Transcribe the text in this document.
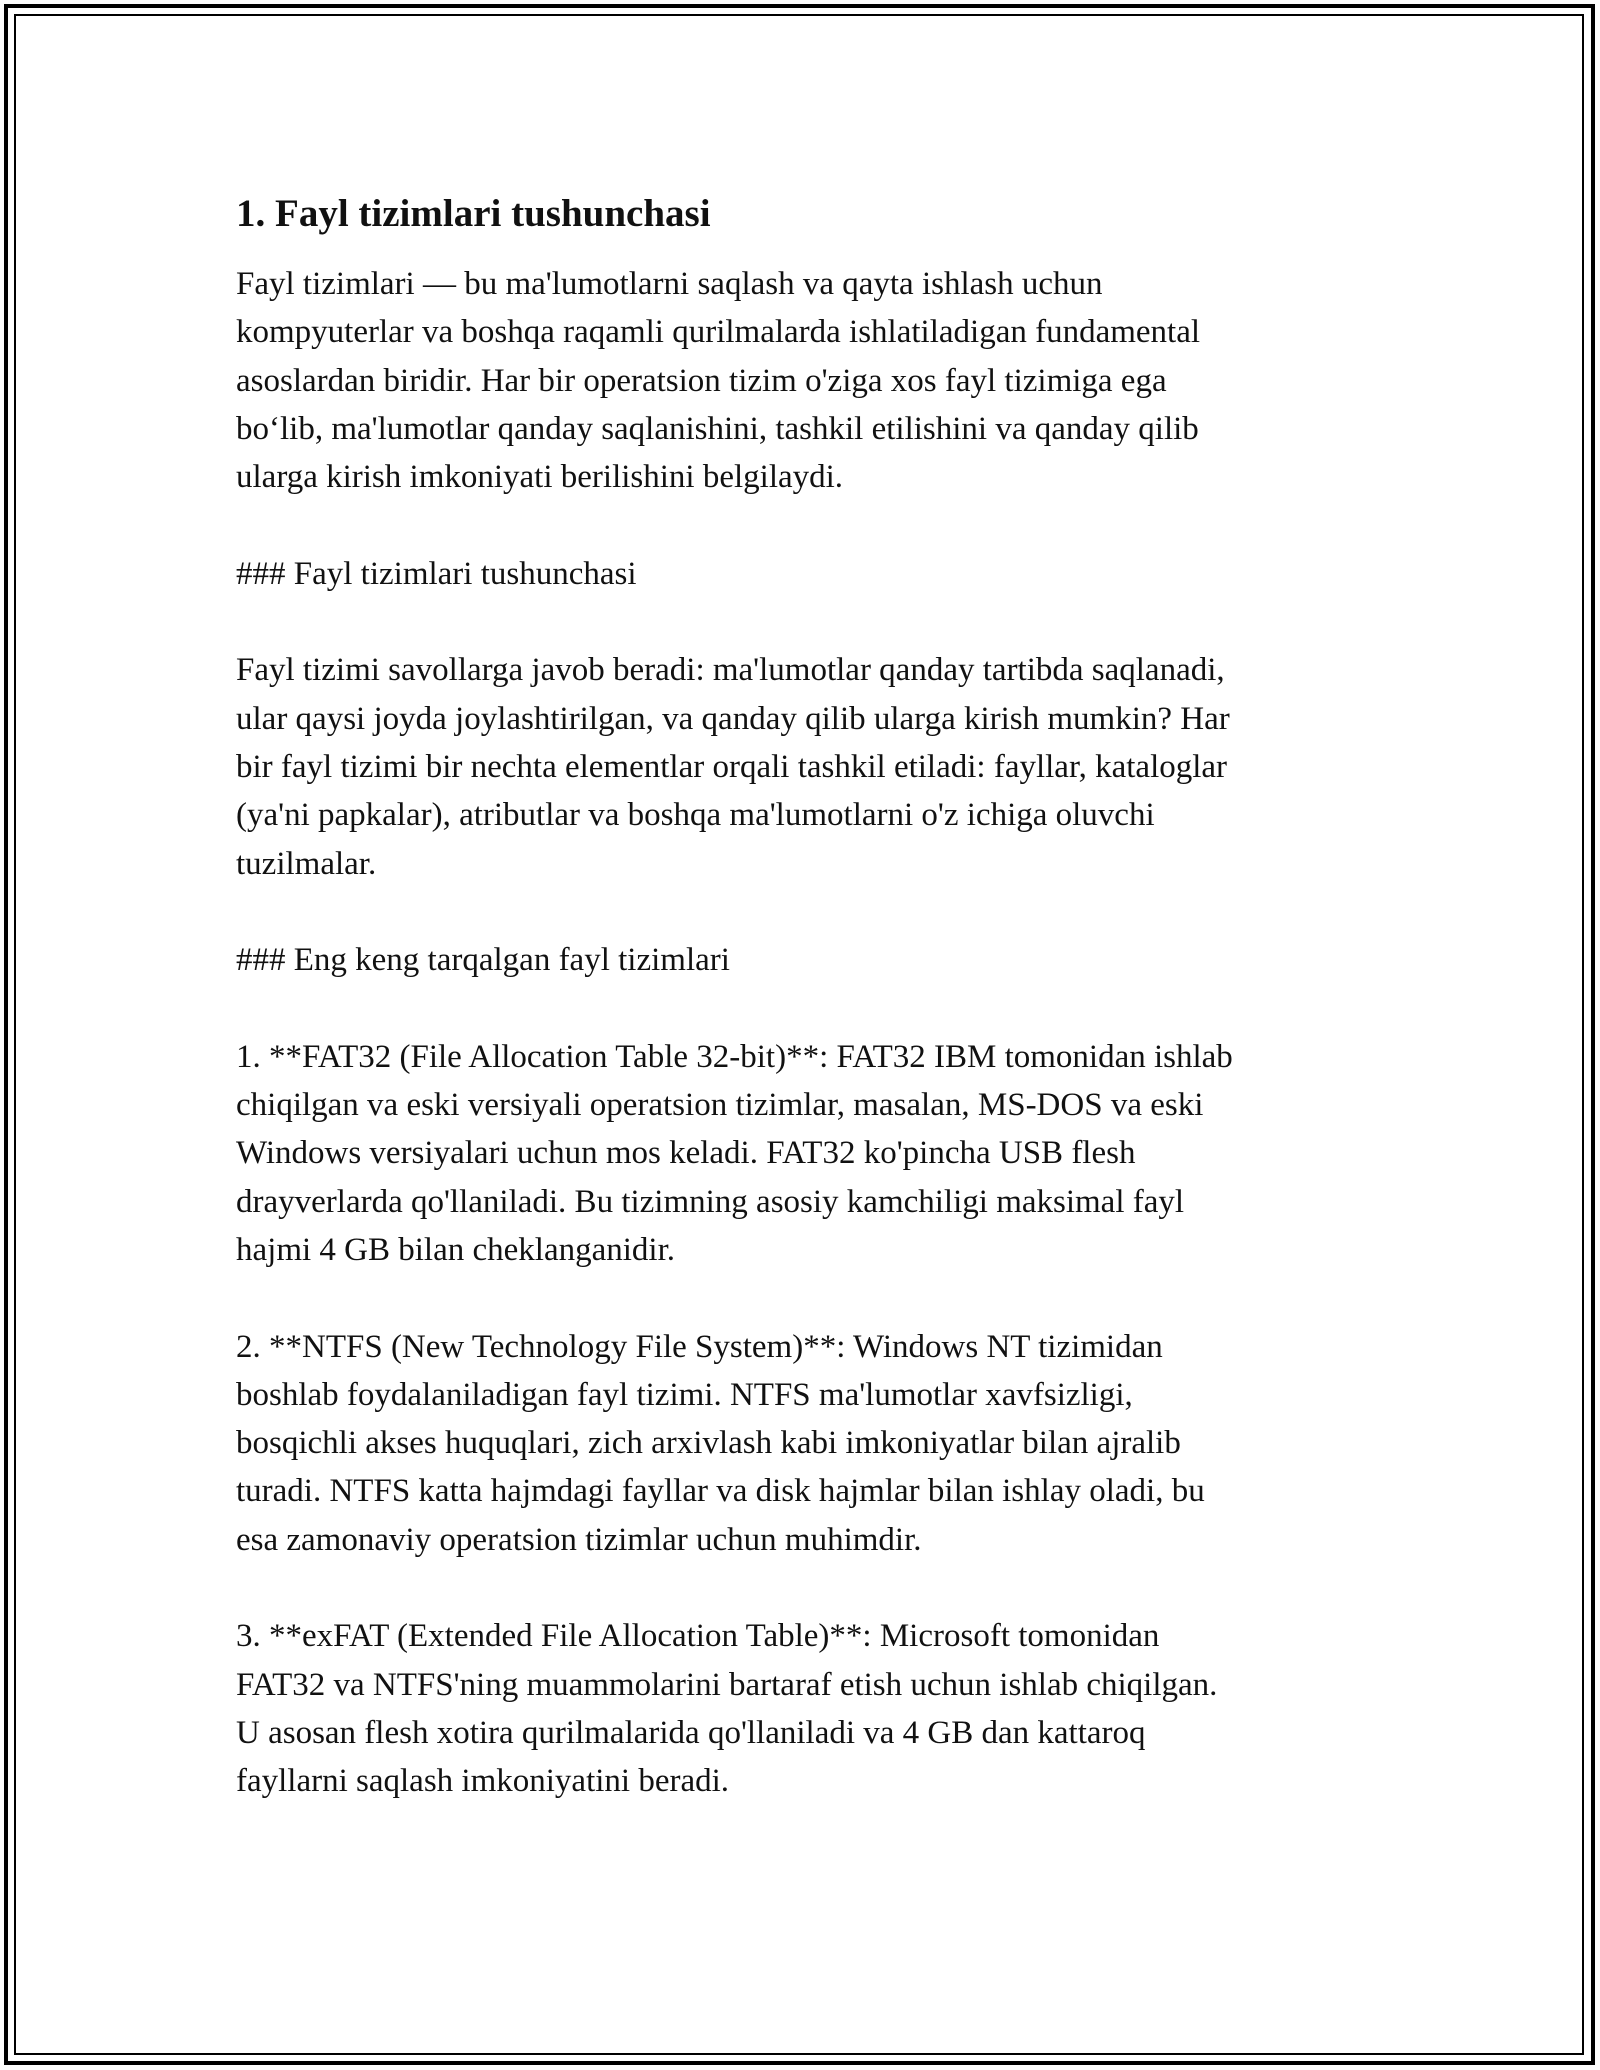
1. Fayl tizimlari tushunchasi

Fayl tizimlari — bu ma'lumotlarni saqlash va qayta ishlash uchun
kompyuterlar va boshqa raqamli qurilmalarda ishlatiladigan fundamental
asoslardan biridir. Har bir operatsion tizim o'ziga xos fayl tizimiga ega
bo‘lib, ma'lumotlar qanday saqlanishini, tashkil etilishini va qanday qilib
ularga kirish imkoniyati berilishini belgilaydi.

### Fayl tizimlari tushunchasi

Fayl tizimi savollarga javob beradi: ma'lumotlar qanday tartibda saqlanadi,
ular qaysi joyda joylashtirilgan, va qanday qilib ularga kirish mumkin? Har
bir fayl tizimi bir nechta elementlar orqali tashkil etiladi: fayllar, kataloglar
(ya'ni papkalar), atributlar va boshqa ma'lumotlarni o'z ichiga oluvchi
tuzilmalar.

### Eng keng tarqalgan fayl tizimlari

1. **FAT32 (File Allocation Table 32-bit)**: FAT32 IBM tomonidan ishlab
chiqilgan va eski versiyali operatsion tizimlar, masalan, MS-DOS va eski
Windows versiyalari uchun mos keladi. FAT32 ko'pincha USB flesh
drayverlarda qo'llaniladi. Bu tizimning asosiy kamchiligi maksimal fayl
hajmi 4 GB bilan cheklanganidir.

2. **NTFS (New Technology File System)**: Windows NT tizimidan
boshlab foydalaniladigan fayl tizimi. NTFS ma'lumotlar xavfsizligi,
bosqichli akses huquqlari, zich arxivlash kabi imkoniyatlar bilan ajralib
turadi. NTFS katta hajmdagi fayllar va disk hajmlar bilan ishlay oladi, bu
esa zamonaviy operatsion tizimlar uchun muhimdir.

3. **exFAT (Extended File Allocation Table)**: Microsoft tomonidan
FAT32 va NTFS'ning muammolarini bartaraf etish uchun ishlab chiqilgan.
U asosan flesh xotira qurilmalarida qo'llaniladi va 4 GB dan kattaroq
fayllarni saqlash imkoniyatini beradi.
